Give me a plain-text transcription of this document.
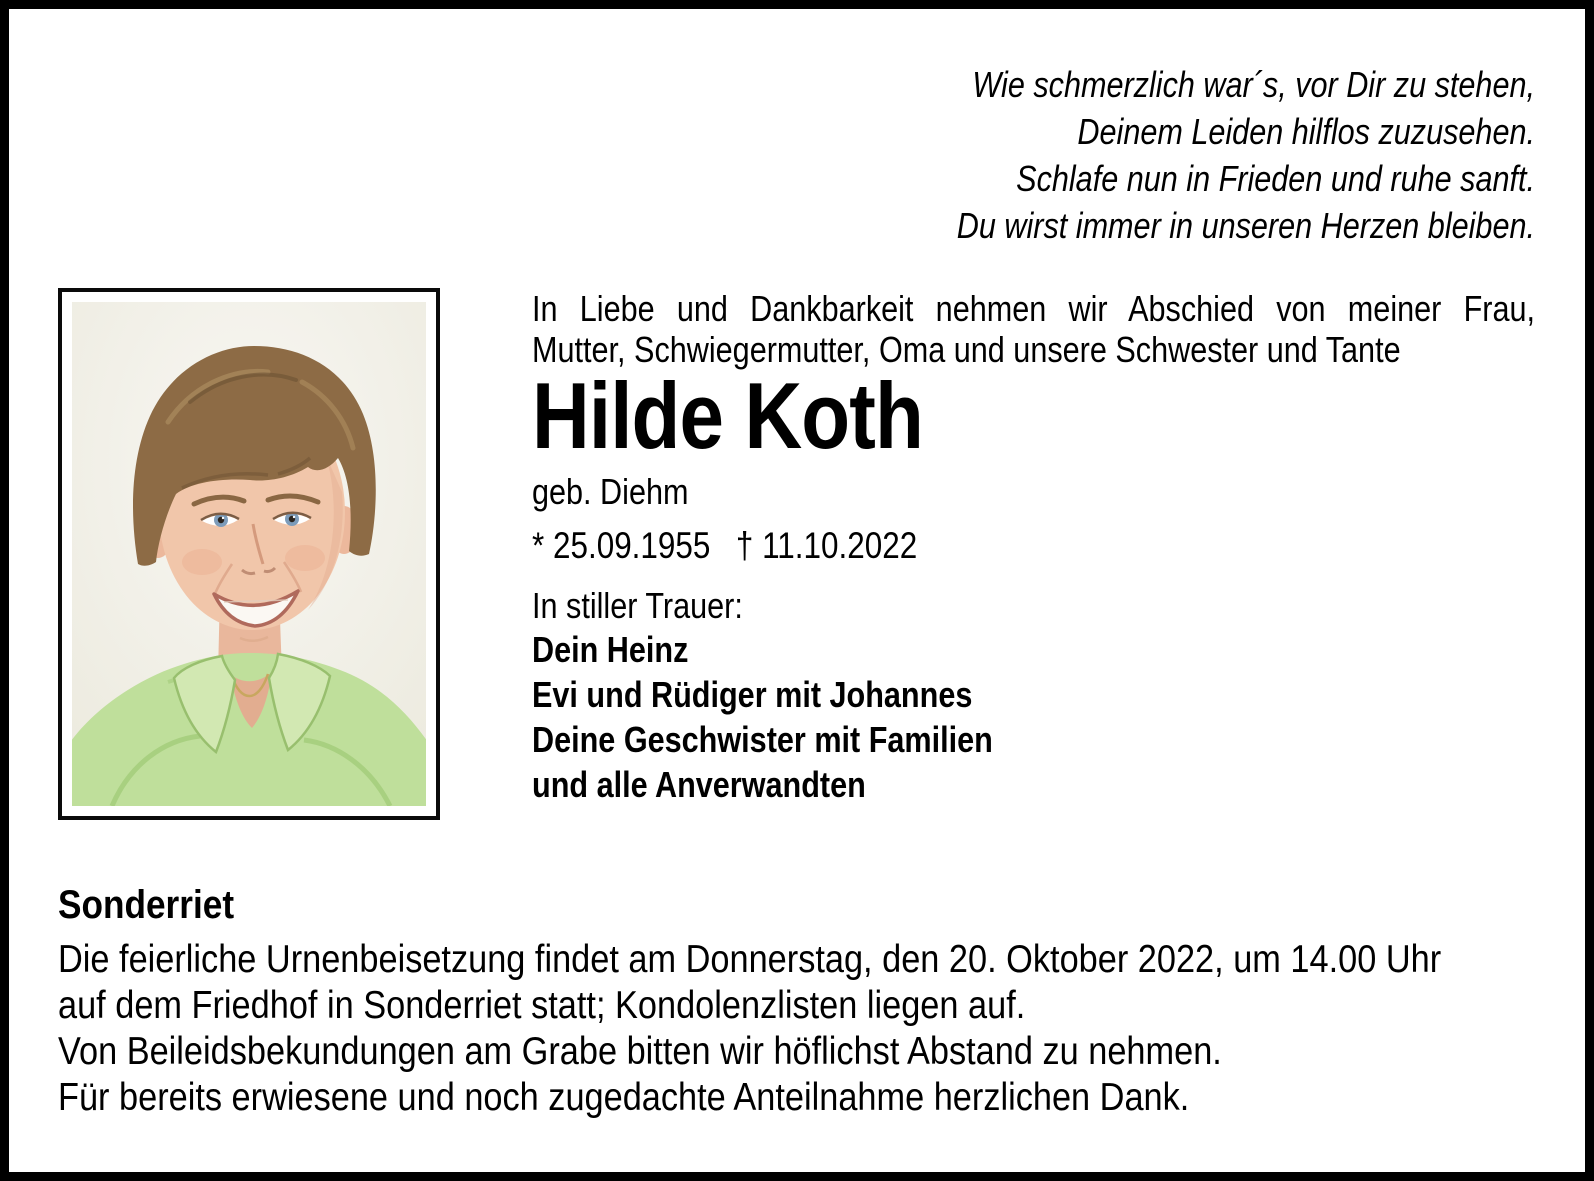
Wie schmerzlich war´s, vor Dir zu stehen,
Deinem Leiden hilflos zuzusehen.
Schlafe nun in Frieden und ruhe sanft.
Du wirst immer in unseren Herzen bleiben.
In Liebe und Dankbarkeit nehmen wir Abschied von meiner Frau,
Mutter, Schwiegermutter, Oma und unsere Schwester und Tante
Hilde Koth
geb. Diehm
* 25.09.1955 † 11.10.2022
In stiller Trauer:
Dein Heinz
Evi und Rüdiger mit Johannes
Deine Geschwister mit Familien
und alle Anverwandten
Sonderriet
Die feierliche Urnenbeisetzung findet am Donnerstag, den 20. Oktober 2022, um 14.00 Uhr
auf dem Friedhof in Sonderriet statt; Kondolenzlisten liegen auf.
Von Beileidsbekundungen am Grabe bitten wir höflichst Abstand zu nehmen.
Für bereits erwiesene und noch zugedachte Anteilnahme herzlichen Dank.
